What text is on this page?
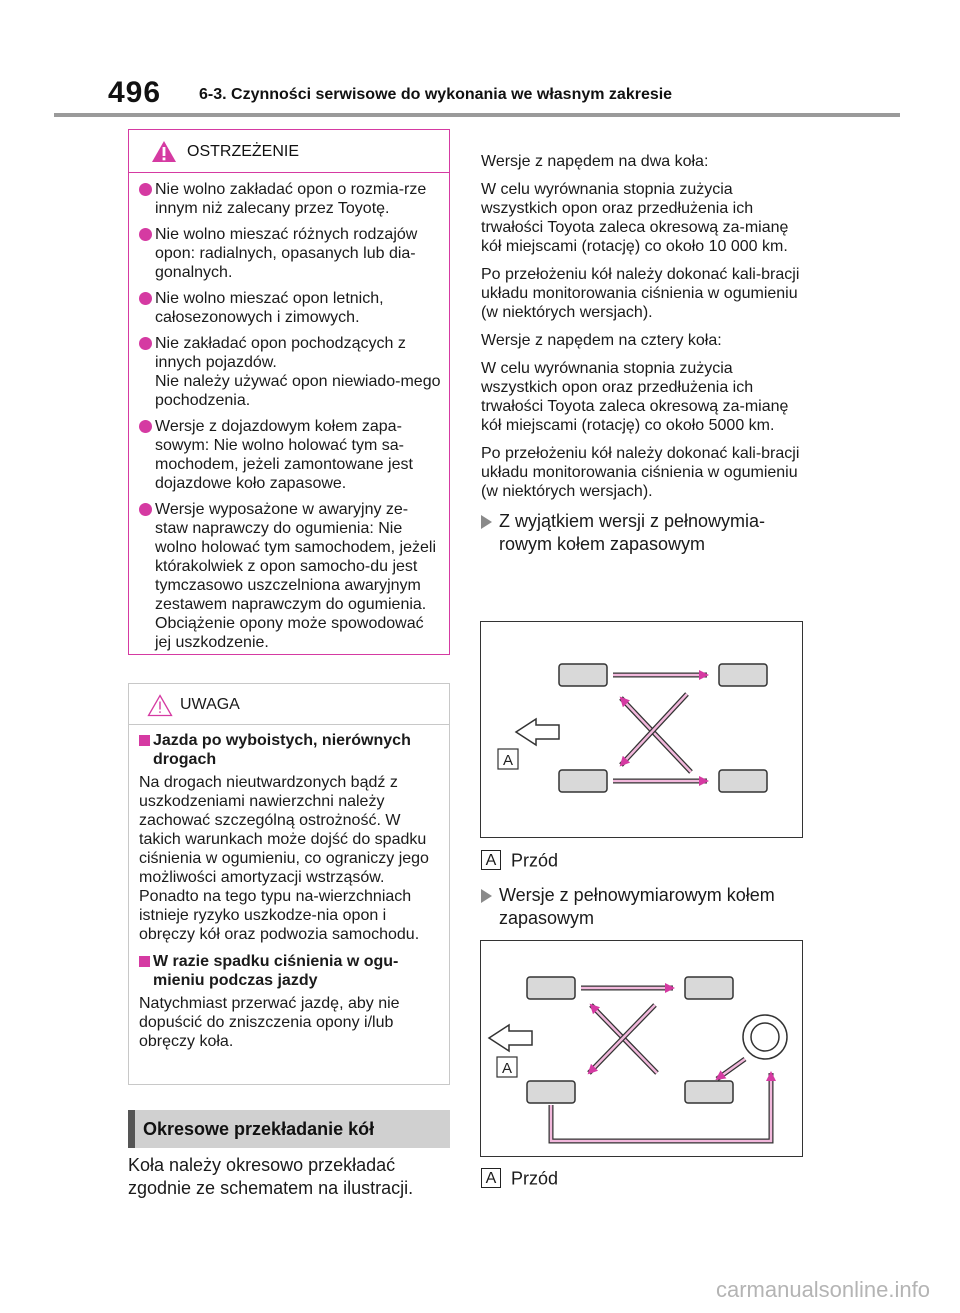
496 6-3. Czynności serwisowe do wykonania we własnym zakresie
OSTRZEŻENIE
Nie wolno zakładać opon o rozmia-rze innym niż zalecany przez Toyotę.
Nie wolno mieszać różnych rodzajów opon: radialnych, opasanych lub dia-gonalnych.
Nie wolno mieszać opon letnich, całosezonowych i zimowych.
Nie zakładać opon pochodzących z innych pojazdów.
Nie należy używać opon niewiado-mego pochodzenia.
Wersje z dojazdowym kołem zapa-sowym: Nie wolno holować tym sa-mochodem, jeżeli zamontowane jest dojazdowe koło zapasowe.
Wersje wyposażone w awaryjny ze-staw naprawczy do ogumienia: Nie wolno holować tym samochodem, jeżeli którakolwiek z opon samocho-du jest tymczasowo uszczelniona awaryjnym zestawem naprawczym do ogumienia. Obciążenie opony może spowodować jej uszkodzenie.
UWAGA
Jazda po wyboistych, nierównych drogach
Na drogach nieutwardzonych bądź z uszkodzeniami nawierzchni należy zachować szczególną ostrożność. W takich warunkach może dojść do spadku ciśnienia w ogumieniu, co ograniczy jego możliwości amortyzacji wstrząsów. Ponadto na tego typu na-wierzchniach istnieje ryzyko uszkodze-nia opon i obręczy kół oraz podwozia samochodu.
W razie spadku ciśnienia w ogu-mieniu podczas jazdy
Natychmiast przerwać jazdę, aby nie dopuścić do zniszczenia opony i/lub obręczy koła.
Okresowe przekładanie kół
Koła należy okresowo przekładać zgodnie ze schematem na ilustracji.

Wersje z napędem na dwa koła:

W celu wyrównania stopnia zużycia wszystkich opon oraz przedłużenia ich trwałości Toyota zaleca okresową za-mianę kół miejscami (rotację) co około 10 000 km.

Po przełożeniu kół należy dokonać kali-bracji układu monitorowania ciśnienia w ogumieniu (w niektórych wersjach).

Wersje z napędem na cztery koła:

W celu wyrównania stopnia zużycia wszystkich opon oraz przedłużenia ich trwałości Toyota zaleca okresową za-mianę kół miejscami (rotację) co około 5000 km.

Po przełożeniu kół należy dokonać kali-bracji układu monitorowania ciśnienia w ogumieniu (w niektórych wersjach).

Z wyjątkiem wersji z pełnowymia-rowym kołem zapasowym
A
A Przód
Wersje z pełnowymiarowym kołem zapasowym
A
A Przód
carmanualsonline.info
